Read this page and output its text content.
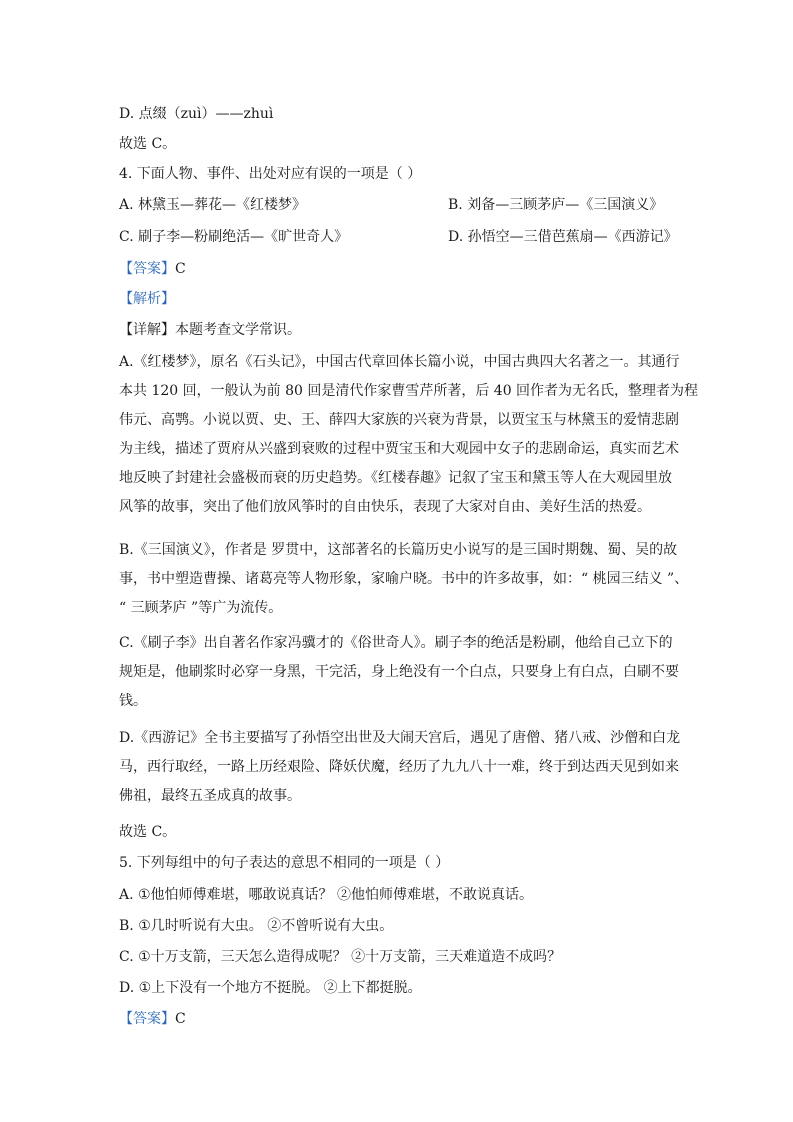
D. 点缀（zuì）——zhuì
故选 C。
4. 下面人物、事件、出处对应有误的一项是（ ）
A. 林黛玉—葬花—《红楼梦》	B. 刘备—三顾茅庐—《三国演义》
C. 刷子李—粉刷绝活—《旷世奇人》	D. 孙悟空—三借芭蕉扇—《西游记》
【答案】C
【解析】
【详解】本题考查文学常识。
A.《红楼梦》，原名《石头记》，中国古代章回体长篇小说，中国古典四大名著之一。其通行
本共 120 回，一般认为前 80 回是清代作家曹雪芹所著，后 40 回作者为无名氏，整理者为程
伟元、高鹗。小说以贾、史、王、薛四大家族的兴衰为背景，以贾宝玉与林黛玉的爱情悲剧
为主线，描述了贾府从兴盛到衰败的过程中贾宝玉和大观园中女子的悲剧命运，真实而艺术
地反映了封建社会盛极而衰的历史趋势。《红楼春趣》记叙了宝玉和黛玉等人在大观园里放
风筝的故事，突出了他们放风筝时的自由快乐，表现了大家对自由、美好生活的热爱。
B.《三国演义》，作者是 罗贯中，这部著名的长篇历史小说写的是三国时期魏、蜀、吴的故
事，书中塑造曹操、诸葛亮等人物形象，家喻户晓。书中的许多故事，如：“ 桃园三结义 ”、
“ 三顾茅庐 ”等广为流传。
C.《刷子李》出自著名作家冯骥才的《俗世奇人》。刷子李的绝活是粉刷，他给自己立下的
规矩是，他刷浆时必穿一身黑，干完活，身上绝没有一个白点，只要身上有白点，白刷不要
钱。
D.《西游记》全书主要描写了孙悟空出世及大闹天宫后，遇见了唐僧、猪八戒、沙僧和白龙
马，西行取经，一路上历经艰险、降妖伏魔，经历了九九八十一难，终于到达西天见到如来
佛祖，最终五圣成真的故事。
故选 C。
5. 下列每组中的句子表达的意思不相同的一项是（ ）
A. ①他怕师傅难堪，哪敢说真话？ ②他怕师傅难堪，不敢说真话。
B. ①几时听说有大虫。 ②不曾听说有大虫。
C. ①十万支箭，三天怎么造得成呢？ ②十万支箭，三天难道造不成吗？
D. ①上下没有一个地方不挺脱。 ②上下都挺脱。
【答案】C
